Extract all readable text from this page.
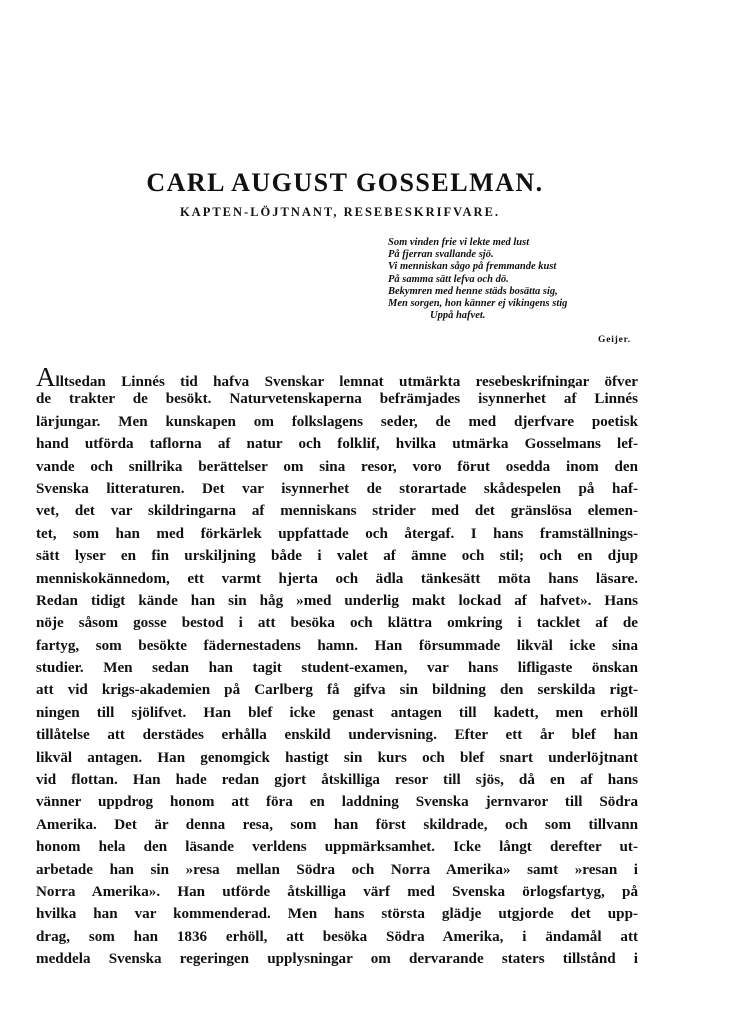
CARL AUGUST GOSSELMAN.
KAPTEN-LÖJTNANT, RESEBESKRIFVARE.
Som vinden frie vi lekte med lust
På fjerran svallande sjö.
Vi menniskan sågo på fremmande kust
På samma sätt lefva och dö.
Bekymren med henne städs bosätta sig,
Men sorgen, hon känner ej vikingens stig
Uppå hafvet.
Geijer.
Alltsedan Linnés tid hafva Svenskar lemnat utmärkta resebeskrifningar öfver
de trakter de besökt. Naturvetenskaperna befrämjades isynnerhet af Linnés
lärjungar. Men kunskapen om folkslagens seder, de med djerfvare poetisk
hand utförda taflorna af natur och folklif, hvilka utmärka Gosselmans lef-
vande och snillrika berättelser om sina resor, voro förut osedda inom den
Svenska litteraturen. Det var isynnerhet de storartade skådespelen på haf-
vet, det var skildringarna af menniskans strider med det gränslösa elemen-
tet, som han med förkärlek uppfattade och återgaf. I hans framställnings-
sätt lyser en fin urskiljning både i valet af ämne och stil; och en djup
menniskokännedom, ett varmt hjerta och ädla tänkesätt möta hans läsare.
Redan tidigt kände han sin håg »med underlig makt lockad af hafvet». Hans
nöje såsom gosse bestod i att besöka och klättra omkring i tacklet af de
fartyg, som besökte fädernestadens hamn. Han försummade likväl icke sina
studier. Men sedan han tagit student-examen, var hans lifligaste önskan
att vid krigs-akademien på Carlberg få gifva sin bildning den serskilda rigt-
ningen till sjölifvet. Han blef icke genast antagen till kadett, men erhöll
tillåtelse att derstädes erhålla enskild undervisning. Efter ett år blef han
likväl antagen. Han genomgick hastigt sin kurs och blef snart underlöjtnant
vid flottan. Han hade redan gjort åtskilliga resor till sjös, då en af hans
vänner uppdrog honom att föra en laddning Svenska jernvaror till Södra
Amerika. Det är denna resa, som han först skildrade, och som tillvann
honom hela den läsande verldens uppmärksamhet. Icke långt derefter ut-
arbetade han sin »resa mellan Södra och Norra Amerika» samt »resan i
Norra Amerika». Han utförde åtskilliga värf med Svenska örlogsfartyg, på
hvilka han var kommenderad. Men hans största glädje utgjorde det upp-
drag, som han 1836 erhöll, att besöka Södra Amerika, i ändamål att
meddela Svenska regeringen upplysningar om dervarande staters tillstånd i
